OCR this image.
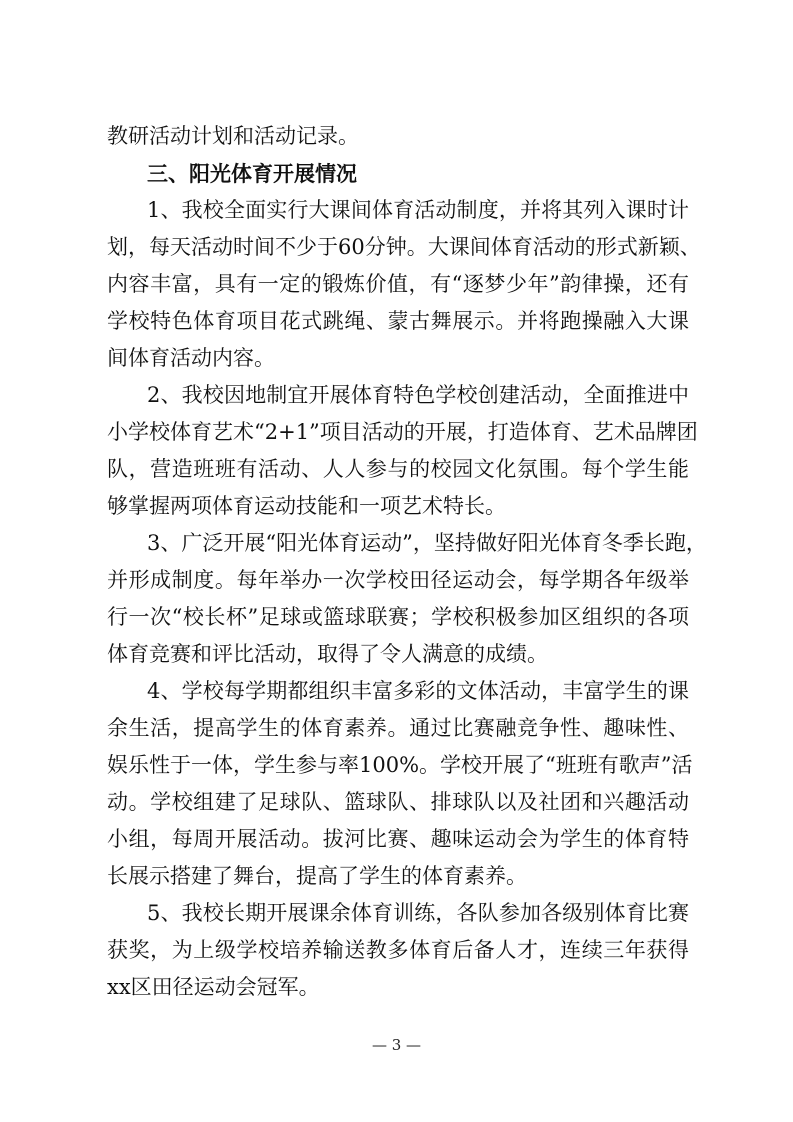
教研活动计划和活动记录。
三、阳光体育开展情况
1、我校全面实行大课间体育活动制度，并将其列入课时计
划，每天活动时间不少于60分钟。大课间体育活动的形式新颖、
内容丰富，具有一定的锻炼价值，有“逐梦少年”韵律操，还有
学校特色体育项目花式跳绳、蒙古舞展示。并将跑操融入大课
间体育活动内容。
2、我校因地制宜开展体育特色学校创建活动，全面推进中
小学校体育艺术“2+1”项目活动的开展，打造体育、艺术品牌团
队，营造班班有活动、人人参与的校园文化氛围。每个学生能
够掌握两项体育运动技能和一项艺术特长。
3、广泛开展“阳光体育运动”，坚持做好阳光体育冬季长跑，
并形成制度。每年举办一次学校田径运动会，每学期各年级举
行一次“校长杯”足球或篮球联赛；学校积极参加区组织的各项
体育竞赛和评比活动，取得了令人满意的成绩。
4、学校每学期都组织丰富多彩的文体活动，丰富学生的课
余生活，提高学生的体育素养。通过比赛融竞争性、趣味性、
娱乐性于一体，学生参与率100%。学校开展了“班班有歌声”活
动。学校组建了足球队、篮球队、排球队以及社团和兴趣活动
小组，每周开展活动。拔河比赛、趣味运动会为学生的体育特
长展示搭建了舞台，提高了学生的体育素养。
5、我校长期开展课余体育训练，各队参加各级别体育比赛
获奖，为上级学校培养输送教多体育后备人才，连续三年获得
xx区田径运动会冠军。
— 3 —
